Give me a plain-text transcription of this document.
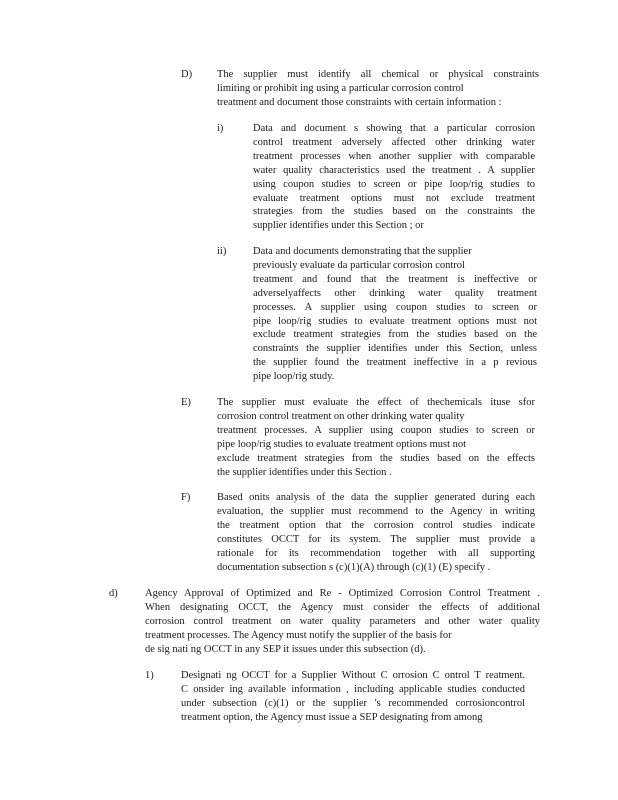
D) The supplier must identify all chemical or physical constraints
limiting or prohibit ing using a particular corrosion control
treatment and document those constraints with certain information :
i)	Data and document s showing that a particular corrosion
control treatment adversely affected other drinking water
treatment processes when another supplier with comparable
water quality characteristics used the treatment . A supplier
using coupon studies to screen or pipe loop/rig studies to
evaluate treatment options must not exclude treatment
strategies from the studies based on the constraints the
supplier identifies under this Section ; or
ii)	Data and documents demonstrating that the supplier
previously evaluate da particular corrosion control
treatment and found that the treatment is ineffective or
adverselyaffects other drinking water quality treatment
processes. A supplier using coupon studies to screen or
pipe loop/rig studies to evaluate treatment options must not
exclude treatment strategies from the studies based on the
constraints the supplier identifies under this Section, unless
the supplier found the treatment ineffective in a p revious
pipe loop/rig study.
E) The supplier must evaluate the effect of thechemicals ituse sfor
corrosion control treatment on other drinking water quality
treatment processes. A supplier using coupon studies to screen or
pipe loop/rig studies to evaluate treatment options must not
exclude treatment strategies from the studies based on the effects
the supplier identifies under this Section .
F)	Based onits analysis of the data the supplier generated during each
evaluation, the supplier must recommend to the Agency in writing
the treatment option that the corrosion control studies indicate
constitutes OCCT for its system. The supplier must provide a
rationale for its recommendation together with all supporting
documentation subsection s (c)(1)(A) through (c)(1) (E) specify .
d)	Agency Approval of Optimized and Re - Optimized Corrosion Control Treatment .
When designating OCCT, the Agency must consider the effects of additional
corrosion control treatment on water quality parameters and other water quality
treatment processes. The Agency must notify the supplier of the basis for
de sig nati ng OCCT in any SEP it issues under this subsection (d).
1)	Designati ng OCCT for a Supplier Without C orrosion C ontrol T reatment.
C onsider ing available information , including applicable studies conducted
under subsection (c)(1) or the supplier 's recommended corrosioncontrol
treatment option, the Agency must issue a SEP designating from among
